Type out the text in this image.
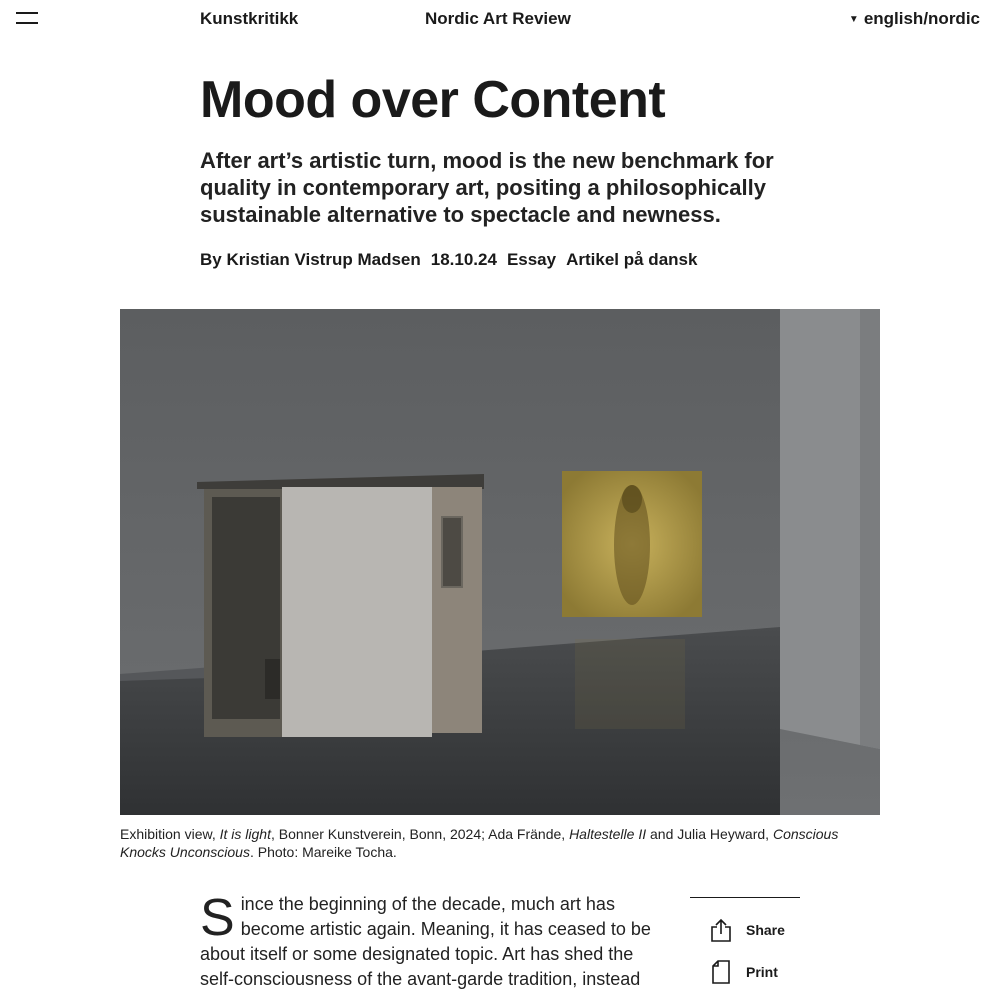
Kunstkritikk	Nordic Art Review	▼ english/nordic
Mood over Content

After art’s artistic turn, mood is the new benchmark for quality in contemporary art, positing a philosophically sustainable alternative to spectacle and newness.

By Kristian Vistrup Madsen 18.10.24 Essay Artikel på dansk

Exhibition view, It is light, Bonner Kunstverein, Bonn, 2024; Ada Frände, Haltestelle II and Julia Heyward, Conscious Knocks Unconscious. Photo: Mareike Tocha.

Since the beginning of the decade, much art has become artistic again. Meaning, it has ceased to be about itself or some designated topic. Art has shed the self-consciousness of the avant-garde tradition, instead

Share
Print
